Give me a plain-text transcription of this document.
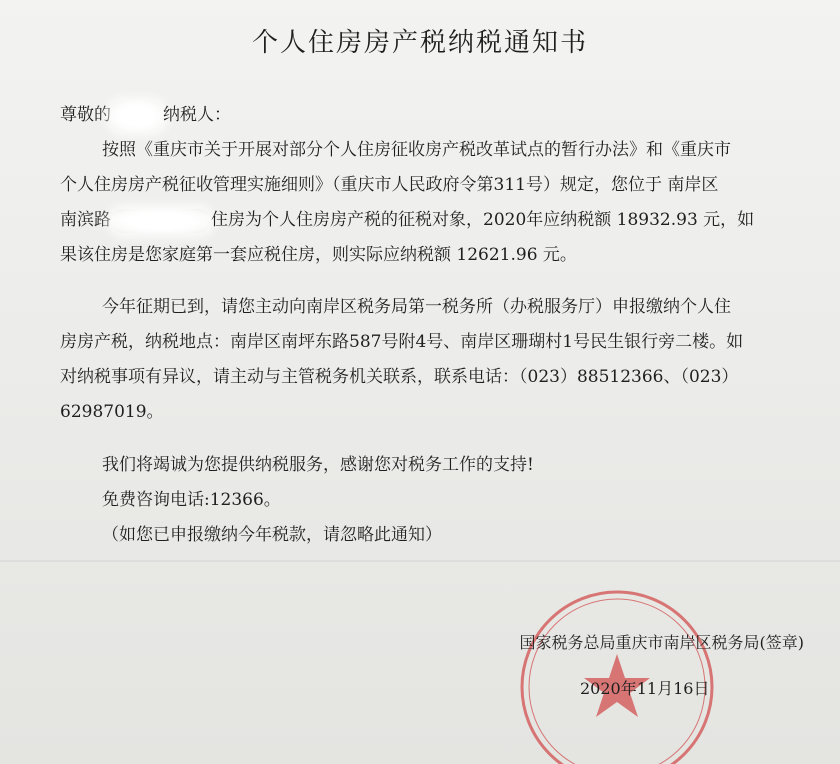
个人住房房产税纳税通知书
尊敬的	纳税人：
按照《重庆市关于开展对部分个人住房征收房产税改革试点的暂行办法》和《重庆市
个人住房房产税征收管理实施细则》（重庆市人民政府令第311号）规定，您位于 南岸区
南滨路	住房为个人住房房产税的征税对象，2020年应纳税额 18932.93 元，如
果该住房是您家庭第一套应税住房，则实际应纳税额 12621.96 元。
今年征期已到，请您主动向南岸区税务局第一税务所（办税服务厅）申报缴纳个人住
房房产税，纳税地点：南岸区南坪东路587号附4号、南岸区珊瑚村1号民生银行旁二楼。如
对纳税事项有异议，请主动与主管税务机关联系，联系电话：（023）88512366、（023）
62987019。
我们将竭诚为您提供纳税服务，感谢您对税务工作的支持!
免费咨询电话:12366。
（如您已申报缴纳今年税款，请忽略此通知）
国家税务总局重庆市南岸区税务局(签章)
2020年11月16日
